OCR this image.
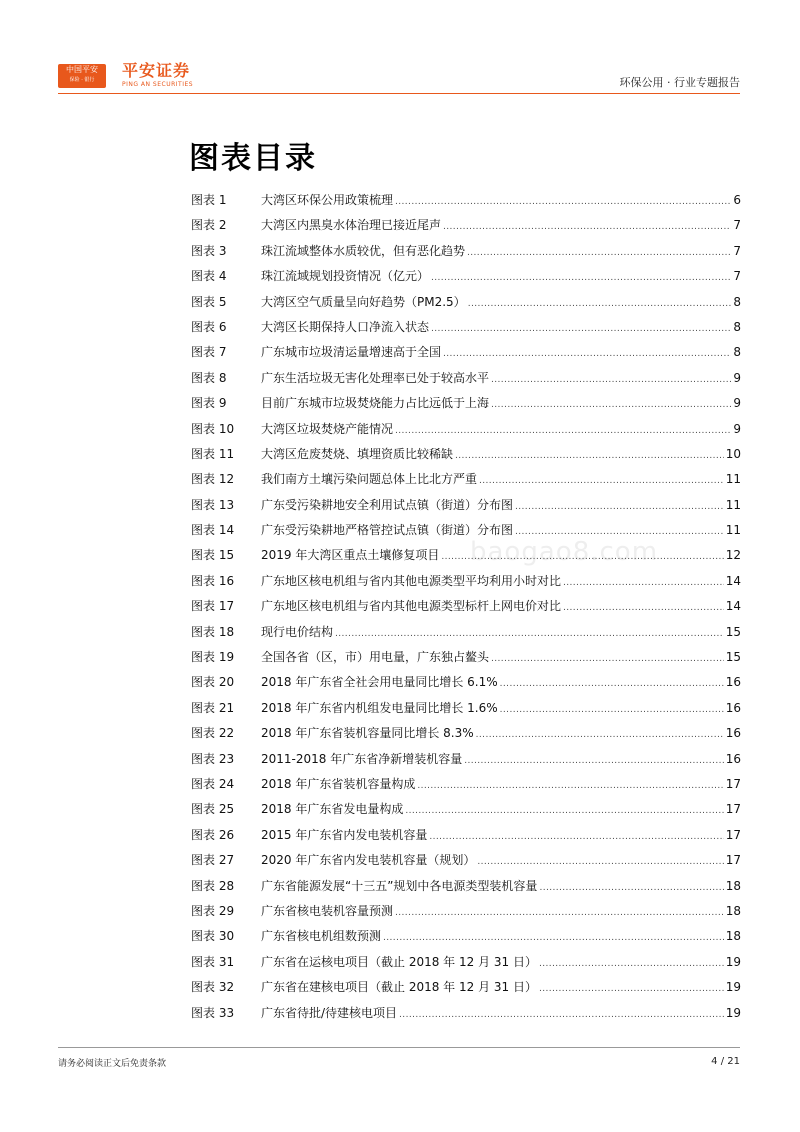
中国平安
保险 · 银行	平安证券
PING AN SECURITIES	环保公用 · 行业专题报告
图表目录
图表 1	大湾区环保公用政策梳理 .....	6
图表 2	大湾区内黑臭水体治理已接近尾声 .....	7
图表 3	珠江流域整体水质较优，但有恶化趋势 .....	7
图表 4	珠江流域规划投资情况（亿元） .....	7
图表 5	大湾区空气质量呈向好趋势（PM2.5） .....	8
图表 6	大湾区长期保持人口净流入状态 .....	8
图表 7	广东城市垃圾清运量增速高于全国 .....	8
图表 8	广东生活垃圾无害化处理率已处于较高水平 .....	9
图表 9	目前广东城市垃圾焚烧能力占比远低于上海 .....	9
图表 10	大湾区垃圾焚烧产能情况 .....	9
图表 11	大湾区危废焚烧、填埋资质比较稀缺 .....	10
图表 12	我们南方土壤污染问题总体上比北方严重 .....	11
图表 13	广东受污染耕地安全利用试点镇（街道）分布图 .....	11
图表 14	广东受污染耕地严格管控试点镇（街道）分布图 .....	11
图表 15	2019 年大湾区重点土壤修复项目 .....	12
图表 16	广东地区核电机组与省内其他电源类型平均利用小时对比 .....	14
图表 17	广东地区核电机组与省内其他电源类型标杆上网电价对比 .....	14
图表 18	现行电价结构 .....	15
图表 19	全国各省（区，市）用电量，广东独占鳌头 .....	15
图表 20	2018 年广东省全社会用电量同比增长 6.1% .....	16
图表 21	2018 年广东省内机组发电量同比增长 1.6% .....	16
图表 22	2018 年广东省装机容量同比增长 8.3% .....	16
图表 23	2011-2018 年广东省净新增装机容量 .....	16
图表 24	2018 年广东省装机容量构成 .....	17
图表 25	2018 年广东省发电量构成 .....	17
图表 26	2015 年广东省内发电装机容量 .....	17
图表 27	2020 年广东省内发电装机容量（规划） .....	17
图表 28	广东省能源发展“十三五”规划中各电源类型装机容量 .....	18
图表 29	广东省核电装机容量预测 .....	18
图表 30	广东省核电机组数预测 .....	18
图表 31	广东省在运核电项目（截止 2018 年 12 月 31 日） .....	19
图表 32	广东省在建核电项目（截止 2018 年 12 月 31 日） .....	19
图表 33	广东省待批/待建核电项目 .....	19
baogao8.com
请务必阅读正文后免责条款	4 / 21
